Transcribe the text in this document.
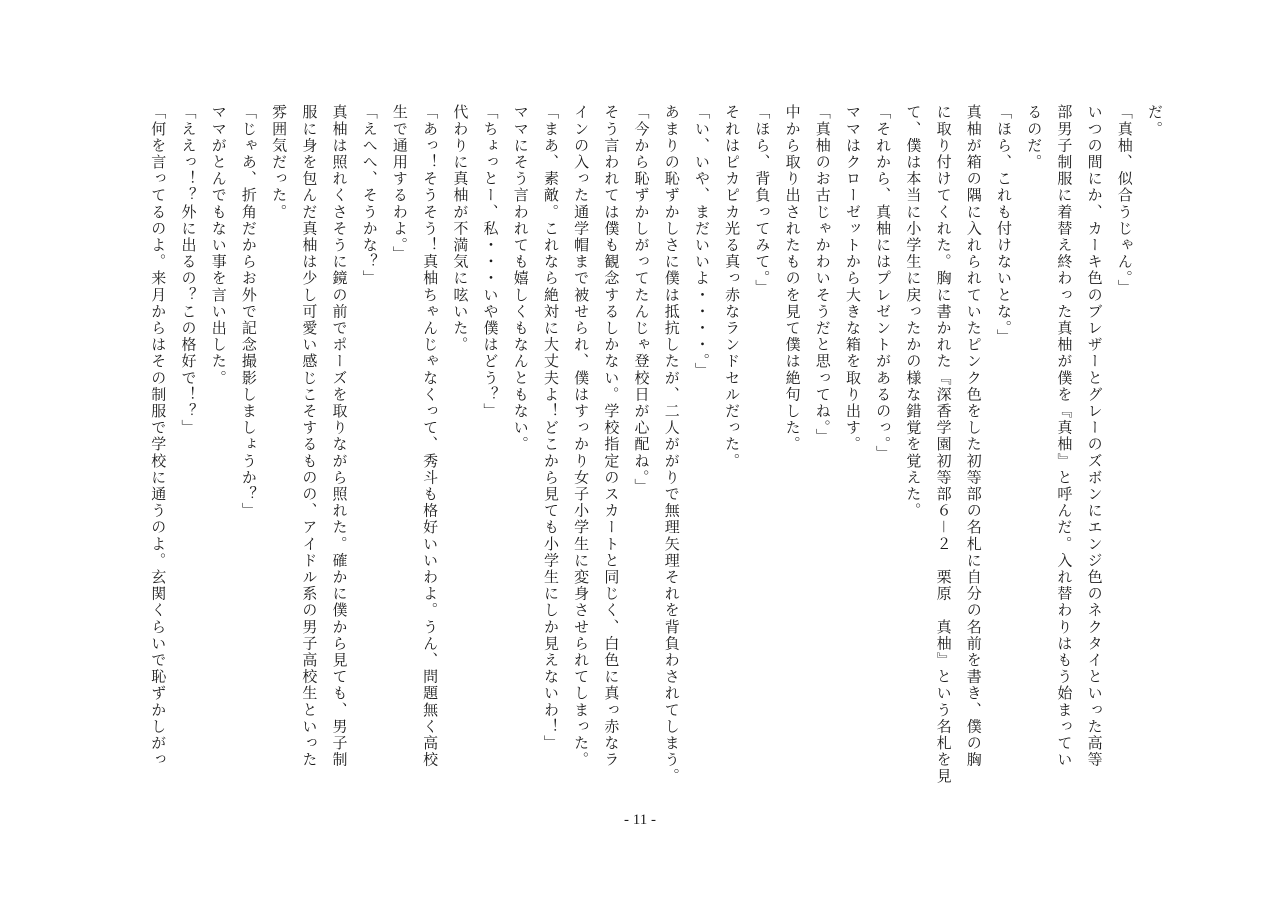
だ。
「真柚、似合うじゃん。」
いつの間にか、カーキ色のブレザーとグレーのズボンにエンジ色のネクタイといった高等
部男子制服に着替え終わった真柚が僕を『真柚』と呼んだ。入れ替わりはもう始まってい
るのだ。
「ほら、これも付けないとな。」
真柚が箱の隅に入れられていたピンク色をした初等部の名札に自分の名前を書き、僕の胸
に取り付けてくれた。胸に書かれた『深香学園初等部６－２　栗原　真柚』という名札を見
て、僕は本当に小学生に戻ったかの様な錯覚を覚えた。
「それから、真柚にはプレゼントがあるのっ。」
ママはクローゼットから大きな箱を取り出す。
「真柚のお古じゃかわいそうだと思ってね。」
中から取り出されたものを見て僕は絶句した。
「ほら、背負ってみて。」
それはピカピカ光る真っ赤なランドセルだった。
「い、いや、まだいいよ・・・・。」
あまりの恥ずかしさに僕は抵抗したが、二人ががりで無理矢理それを背負わされてしまう。
「今から恥ずかしがってたんじゃ登校日が心配ね。」
そう言われては僕も観念するしかない。学校指定のスカートと同じく、白色に真っ赤なラ
インの入った通学帽まで被せられ、僕はすっかり女子小学生に変身させられてしまった。
「まあ、素敵。これなら絶対に大丈夫よ！どこから見ても小学生にしか見えないわ！」
ママにそう言われても嬉しくもなんともない。
「ちょっとー、私・・・いや僕はどう？」
代わりに真柚が不満気に呟いた。
「あっ！そうそう！真柚ちゃんじゃなくって、秀斗も格好いいわよ。うん、問題無く高校
生で通用するわよ。」
「えへへ、そうかな？」
真柚は照れくさそうに鏡の前でポーズを取りながら照れた。確かに僕から見ても、男子制
服に身を包んだ真柚は少し可愛い感じこそするものの、アイドル系の男子高校生といった
雰囲気だった。
「じゃあ、折角だからお外で記念撮影しましょうか？」
ママがとんでもない事を言い出した。
「ええっ！？外に出るの？この格好で！？」
「何を言ってるのよ。来月からはその制服で学校に通うのよ。玄関くらいで恥ずかしがっ
- 11 -
